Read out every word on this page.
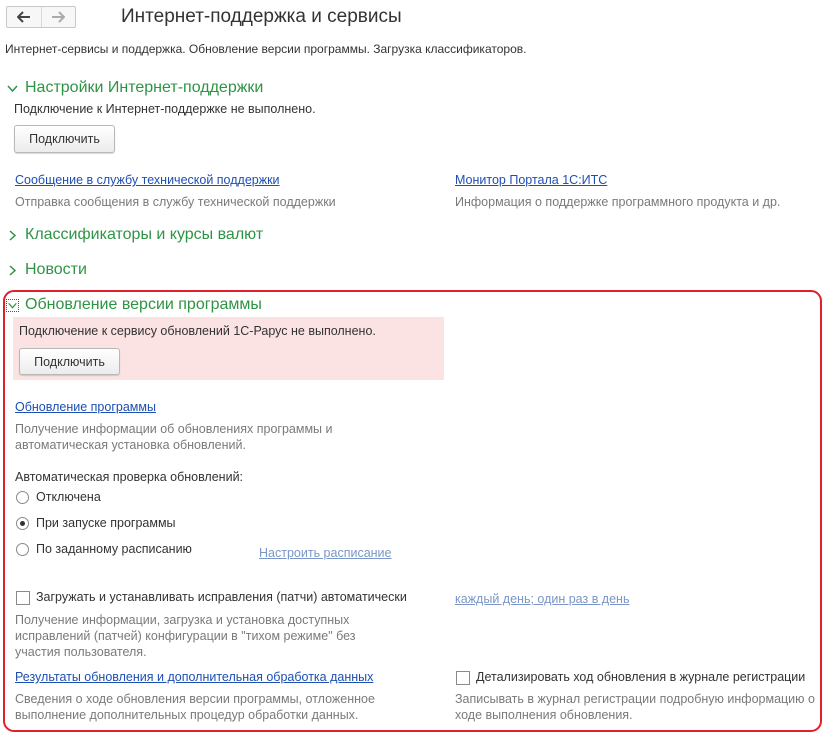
Интернет-поддержка и сервисы
Интернет-сервисы и поддержка. Обновление версии программы. Загрузка классификаторов.
Настройки Интернет-поддержки
Подключение к Интернет-поддержке не выполнено.
Подключить
Сообщение в службу технической поддержки
Отправка сообщения в службу технической поддержки
Монитор Портала 1С:ИТС
Информация о поддержке программного продукта и др.
Классификаторы и курсы валют
Новости
Обновление версии программы
Подключение к сервису обновлений 1С-Рарус не выполнено.
Подключить
Обновление программы
Получение информации об обновлениях программы и автоматическая установка обновлений.
Автоматическая проверка обновлений:
Отключена
При запуске программы
По заданному расписанию	Настроить расписание
Загружать и устанавливать исправления (патчи) автоматически	каждый день; один раз в день
Получение информации, загрузка и установка доступных исправлений (патчей) конфигурации в "тихом режиме" без участия пользователя.
Результаты обновления и дополнительная обработка данных
Сведения о ходе обновления версии программы, отложенное выполнение дополнительных процедур обработки данных.
Детализировать ход обновления в журнале регистрации
Записывать в журнал регистрации подробную информацию о ходе выполнения обновления.
